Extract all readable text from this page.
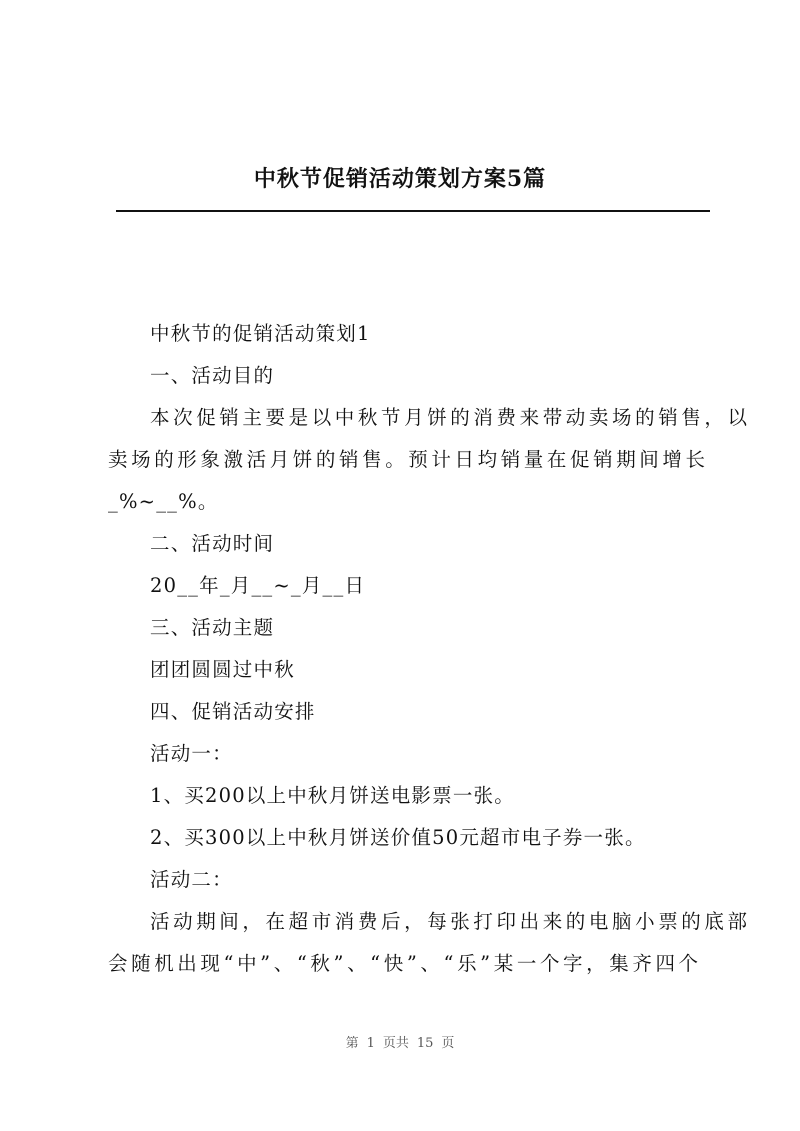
中秋节促销活动策划方案5篇

中秋节的促销活动策划1

一、活动目的

本次促销主要是以中秋节月饼的消费来带动卖场的销售，以

卖场的形象激活月饼的销售。预计日均销量在促销期间增长

_%~__%。

二、活动时间

20__年_月__~_月__日

三、活动主题

团团圆圆过中秋

四、促销活动安排

活动一：

1、买200以上中秋月饼送电影票一张。

2、买300以上中秋月饼送价值50元超市电子券一张。

活动二：

活动期间，在超市消费后，每张打印出来的电脑小票的底部

会随机出现“中”、“秋”、“快”、“乐”某一个字，集齐四个

第 1 页共 15 页
